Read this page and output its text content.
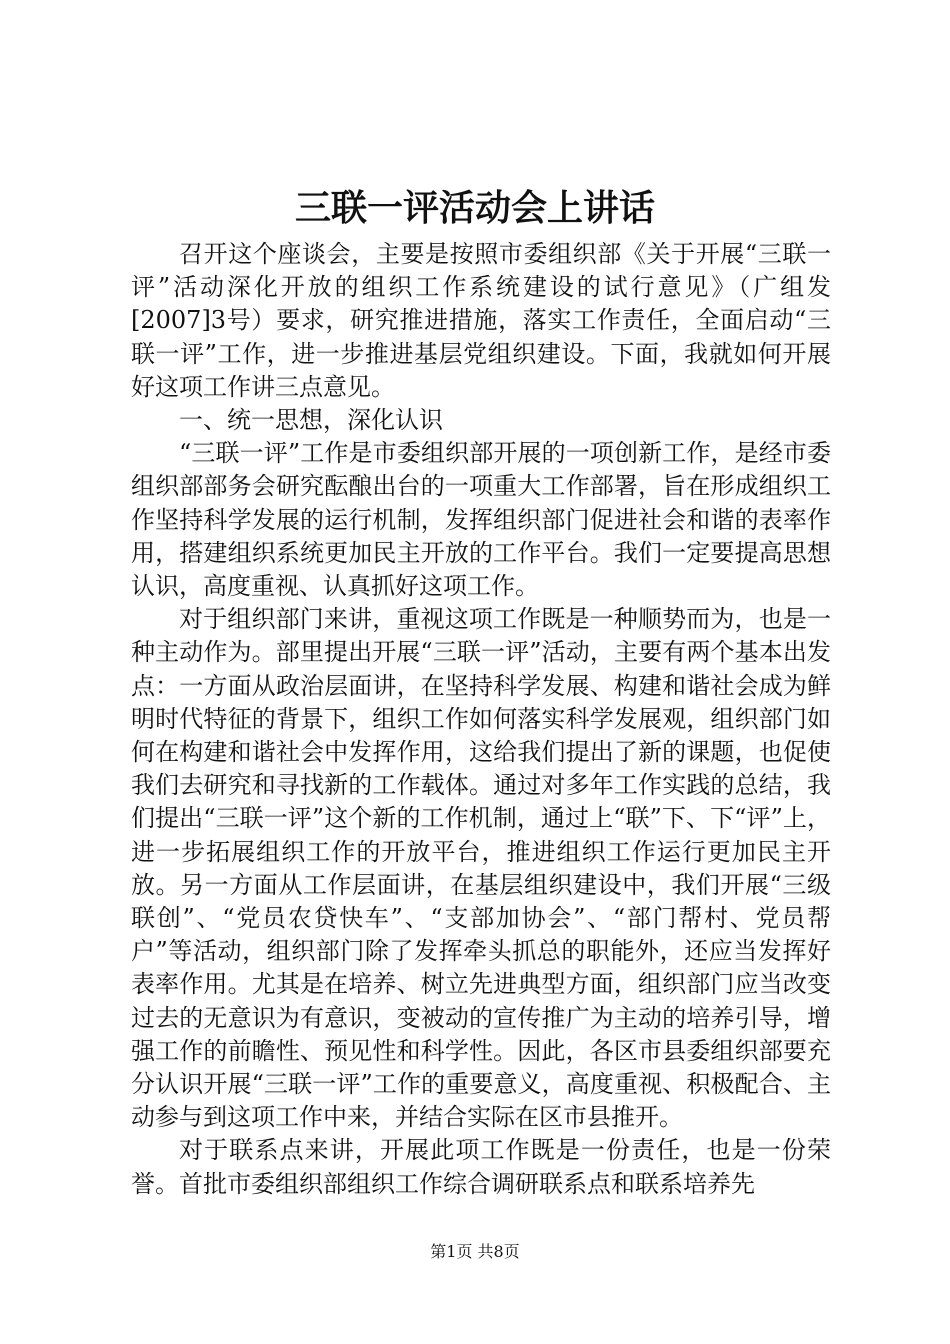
三联一评活动会上讲话

召开这个座谈会，主要是按照市委组织部《关于开展“三联一评”活动深化开放的组织工作系统建设的试行意见》（广组发[2007]3号）要求，研究推进措施，落实工作责任，全面启动“三联一评”工作，进一步推进基层党组织建设。下面，我就如何开展好这项工作讲三点意见。

一、统一思想，深化认识

“三联一评”工作是市委组织部开展的一项创新工作，是经市委组织部部务会研究酝酿出台的一项重大工作部署，旨在形成组织工作坚持科学发展的运行机制，发挥组织部门促进社会和谐的表率作用，搭建组织系统更加民主开放的工作平台。我们一定要提高思想认识，高度重视、认真抓好这项工作。

对于组织部门来讲，重视这项工作既是一种顺势而为，也是一种主动作为。部里提出开展“三联一评”活动，主要有两个基本出发点：一方面从政治层面讲，在坚持科学发展、构建和谐社会成为鲜明时代特征的背景下，组织工作如何落实科学发展观，组织部门如何在构建和谐社会中发挥作用，这给我们提出了新的课题，也促使我们去研究和寻找新的工作载体。通过对多年工作实践的总结，我们提出“三联一评”这个新的工作机制，通过上“联”下、下“评”上，进一步拓展组织工作的开放平台，推进组织工作运行更加民主开放。另一方面从工作层面讲，在基层组织建设中，我们开展“三级联创”、“党员农贷快车”、“支部加协会”、“部门帮村、党员帮户”等活动，组织部门除了发挥牵头抓总的职能外，还应当发挥好表率作用。尤其是在培养、树立先进典型方面，组织部门应当改变过去的无意识为有意识，变被动的宣传推广为主动的培养引导，增强工作的前瞻性、预见性和科学性。因此，各区市县委组织部要充分认识开展“三联一评”工作的重要意义，高度重视、积极配合、主动参与到这项工作中来，并结合实际在区市县推开。

对于联系点来讲，开展此项工作既是一份责任，也是一份荣誉。首批市委组织部组织工作综合调研联系点和联系培养先

第1页 共8页
